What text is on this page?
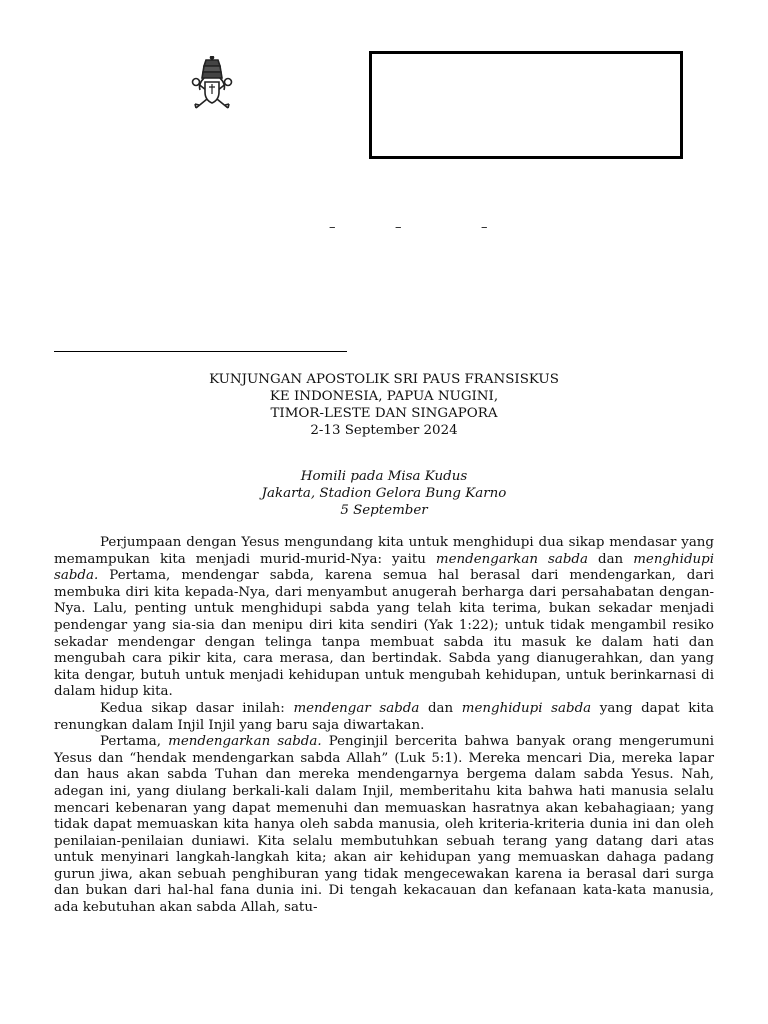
–	–	–
KUNJUNGAN APOSTOLIK SRI PAUS FRANSISKUS
KE INDONESIA, PAPUA NUGINI,
TIMOR-LESTE DAN SINGAPORA
2-13 September 2024
Homili pada Misa Kudus
Jakarta, Stadion Gelora Bung Karno
5 September

Perjumpaan dengan Yesus mengundang kita untuk menghidupi dua sikap mendasar yang memampukan kita menjadi murid-murid-Nya: yaitu mendengarkan sabda dan menghidupi sabda. Pertama, mendengar sabda, karena semua hal berasal dari mendengarkan, dari membuka diri kita kepada-Nya, dari menyambut anugerah berharga dari persahabatan dengan-Nya. Lalu, penting untuk menghidupi sabda yang telah kita terima, bukan sekadar menjadi pendengar yang sia-sia dan menipu diri kita sendiri (Yak 1:22); untuk tidak mengambil resiko sekadar mendengar dengan telinga tanpa membuat sabda itu masuk ke dalam hati dan mengubah cara pikir kita, cara merasa, dan bertindak. Sabda yang dianugerahkan, dan yang kita dengar, butuh untuk menjadi kehidupan untuk mengubah kehidupan, untuk berinkarnasi di dalam hidup kita.

Kedua sikap dasar inilah: mendengar sabda dan menghidupi sabda yang dapat kita renungkan dalam Injil Injil yang baru saja diwartakan.

Pertama, mendengarkan sabda. Penginjil bercerita bahwa banyak orang mengerumuni Yesus dan “hendak mendengarkan sabda Allah” (Luk 5:1). Mereka mencari Dia, mereka lapar dan haus akan sabda Tuhan dan mereka mendengarnya bergema dalam sabda Yesus. Nah, adegan ini, yang diulang berkali-kali dalam Injil, memberitahu kita bahwa hati manusia selalu mencari kebenaran yang dapat memenuhi dan memuaskan hasratnya akan kebahagiaan; yang tidak dapat memuaskan kita hanya oleh sabda manusia, oleh kriteria-kriteria dunia ini dan oleh penilaian-penilaian duniawi. Kita selalu membutuhkan sebuah terang yang datang dari atas untuk menyinari langkah-langkah kita; akan air kehidupan yang memuaskan dahaga padang gurun jiwa, akan sebuah penghiburan yang tidak mengecewakan karena ia berasal dari surga dan bukan dari hal-hal fana dunia ini. Di tengah kekacauan dan kefanaan kata-kata manusia, ada kebutuhan akan sabda Allah, satu-
